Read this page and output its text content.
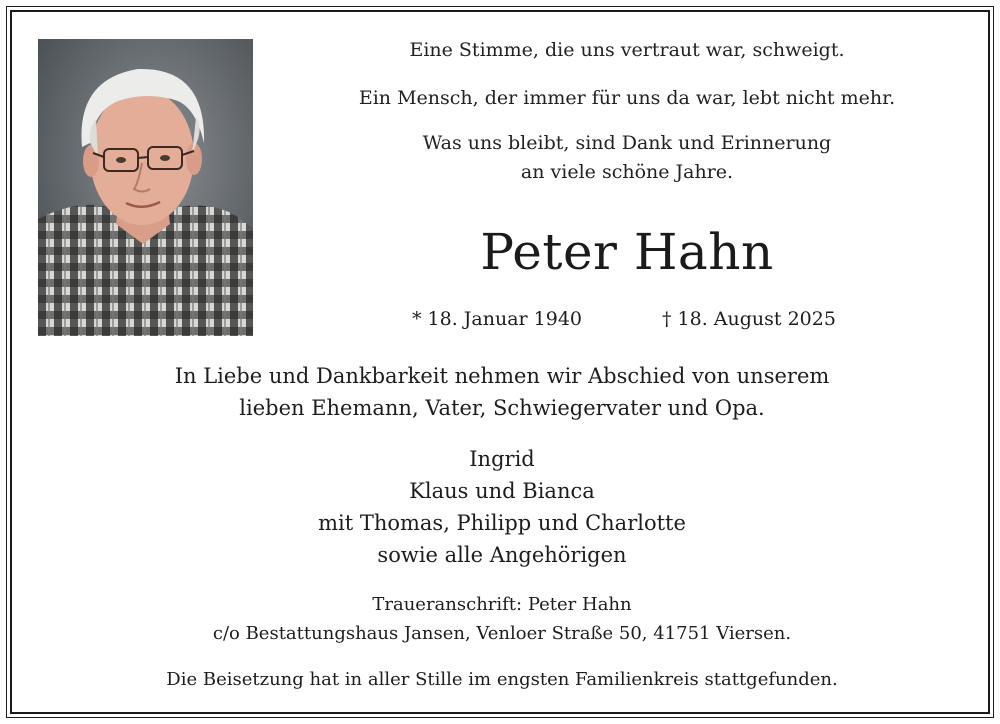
Eine Stimme, die uns vertraut war, schweigt.
Ein Mensch, der immer für uns da war, lebt nicht mehr.
Was uns bleibt, sind Dank und Erinnerung
an viele schöne Jahre.
Peter Hahn
* 18. Januar 1940	† 18. August 2025
In Liebe und Dankbarkeit nehmen wir Abschied von unserem
lieben Ehemann, Vater, Schwiegervater und Opa.
Ingrid
Klaus und Bianca
mit Thomas, Philipp und Charlotte
sowie alle Angehörigen
Traueranschrift: Peter Hahn
c/o Bestattungshaus Jansen, Venloer Straße 50, 41751 Viersen.
Die Beisetzung hat in aller Stille im engsten Familienkreis stattgefunden.
